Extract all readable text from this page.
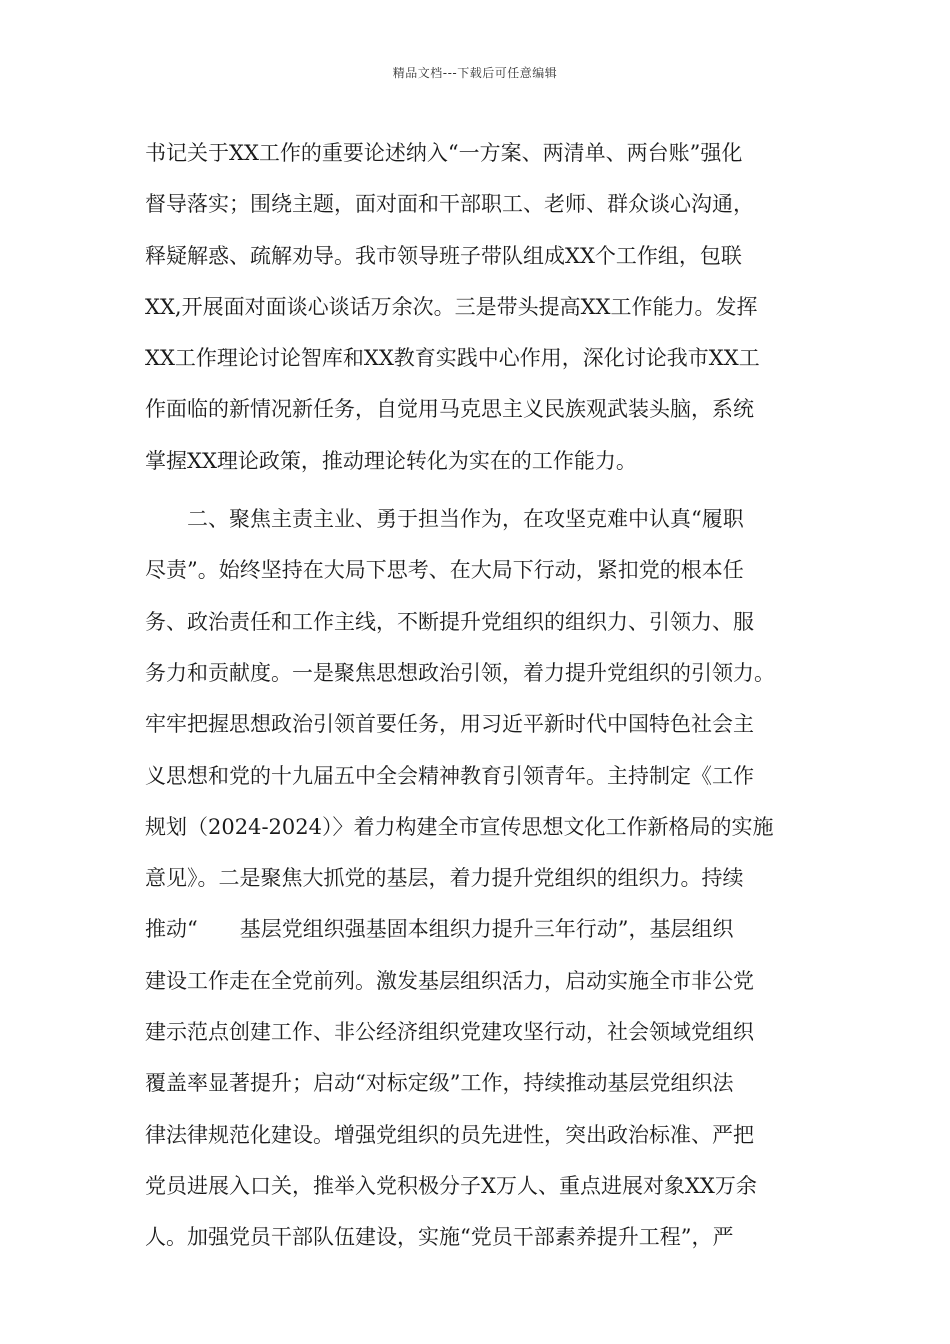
精品文档---下载后可任意编辑
书记关于XX工作的重要论述纳入“一方案、两清单、两台账”强化
督导落实；围绕主题，面对面和干部职工、老师、群众谈心沟通，
释疑解惑、疏解劝导。我市领导班子带队组成XX个工作组，包联
XX,开展面对面谈心谈话万余次。三是带头提高XX工作能力。发挥
XX工作理论讨论智库和XX教育实践中心作用，深化讨论我市XX工
作面临的新情况新任务，自觉用马克思主义民族观武装头脑，系统
掌握XX理论政策，推动理论转化为实在的工作能力。
　　二、聚焦主责主业、勇于担当作为，在攻坚克难中认真“履职
尽责”。始终坚持在大局下思考、在大局下行动，紧扣党的根本任
务、政治责任和工作主线，不断提升党组织的组织力、引领力、服
务力和贡献度。一是聚焦思想政治引领，着力提升党组织的引领力。
牢牢把握思想政治引领首要任务，用习近平新时代中国特色社会主
义思想和党的十九届五中全会精神教育引领青年。主持制定《工作
规划（2024-2024）〉着力构建全市宣传思想文化工作新格局的实施
意见》。二是聚焦大抓党的基层，着力提升党组织的组织力。持续
推动“　　基层党组织强基固本组织力提升三年行动”，基层组织
建设工作走在全党前列。激发基层组织活力，启动实施全市非公党
建示范点创建工作、非公经济组织党建攻坚行动，社会领域党组织
覆盖率显著提升；启动“对标定级”工作，持续推动基层党组织法
律法律规范化建设。增强党组织的员先进性，突出政治标准、严把
党员进展入口关，推举入党积极分子X万人、重点进展对象XX万余
人。加强党员干部队伍建设，实施“党员干部素养提升工程”，严
